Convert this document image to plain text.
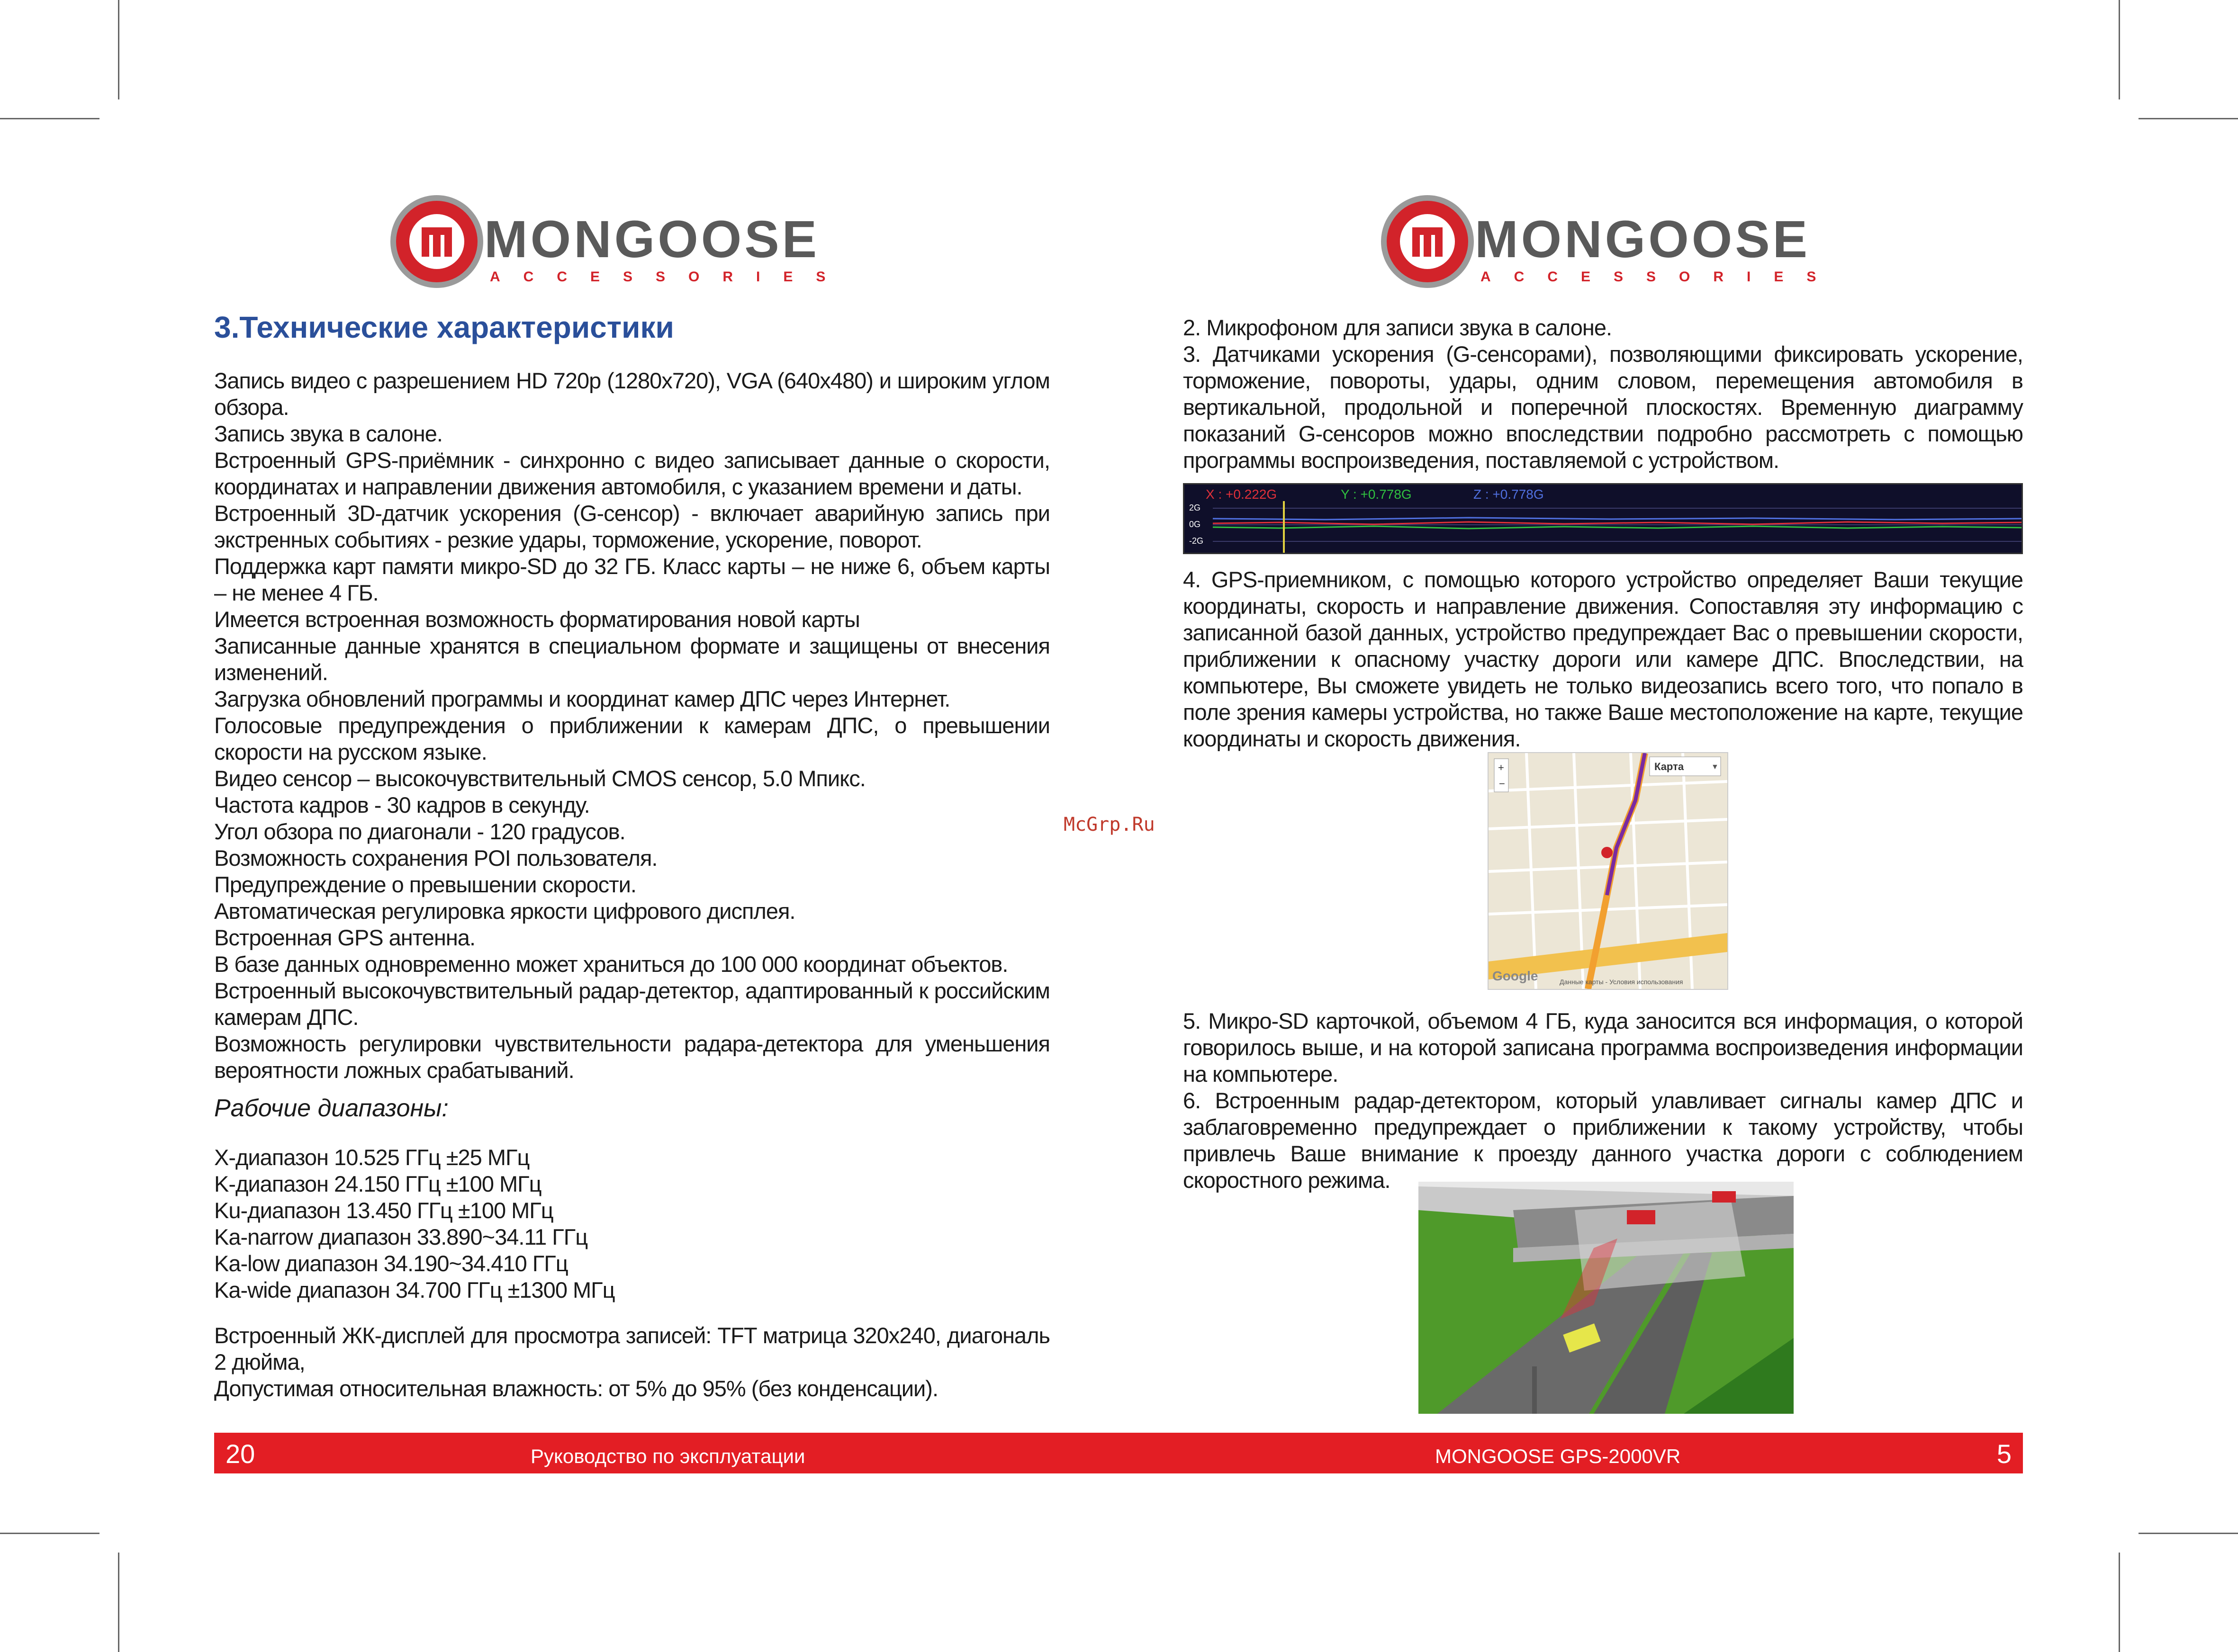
MONGOOSE
ACCESSORIES
3.Технические характеристики

Запись видео с разрешением HD 720p (1280x720), VGA (640x480) и широким углом обзора.

Запись звука в салоне.

Встроенный GPS-приёмник - синхронно с видео записывает данные о скорости, координатах и направлении движения автомобиля, с указанием времени и даты.

Встроенный 3D-датчик ускорения (G-сенсор) - включает аварийную запись при экстренных событиях - резкие удары, торможение, ускорение, поворот.

Поддержка карт памяти микро-SD до 32 ГБ. Класс карты – не ниже 6, объем карты – не менее 4 ГБ.

Имеется встроенная возможность форматирования новой карты

Записанные данные хранятся в специальном формате и защищены от внесения изменений.

Загрузка обновлений программы и координат камер ДПС через Интернет.

Голосовые предупреждения о приближении к камерам ДПС, о превышении скорости на русском языке.

Видео сенсор – высокочувствительный CMOS сенсор, 5.0 Мпикс.

Частота кадров - 30 кадров в секунду.

Угол обзора по диагонали - 120 градусов.

Возможность сохранения POI пользователя.

Предупреждение о превышении скорости.

Автоматическая регулировка яркости цифрового дисплея.

Встроенная GPS антенна.

В базе данных одновременно может храниться до 100 000 координат объектов.

Встроенный высокочувствительный радар-детектор, адаптированный к российским камерам ДПС.

Возможность регулировки чувствительности радара-детектора для уменьшения вероятности ложных срабатываний.

Рабочие диапазоны:

X-диапазон 10.525 ГГц ±25 МГц

K-диапазон 24.150 ГГц ±100 МГц

Ku-диапазон 13.450 ГГц ±100 МГц

Ka-narrow диапазон 33.890~34.11 ГГц

Ka-low диапазон 34.190~34.410 ГГц

Ka-wide диапазон 34.700 ГГц ±1300 МГц

Встроенный ЖК-дисплей для просмотра записей: TFT матрица 320x240, диагональ 2 дюйма,

Допустимая относительная влажность: от 5% до 95% (без конденсации).

MONGOOSE
ACCESSORIES

2. Микрофоном для записи звука в салоне.

3. Датчиками ускорения (G-сенсорами), позволяющими фиксировать ускорение, торможение, повороты, удары, одним словом, перемещения автомобиля в вертикальной, продольной и поперечной плоскостях. Временную диаграмму показаний G-сенсоров можно впоследствии подробно рассмотреть с помощью программы воспроизведения, поставляемой с устройством.

2G
0G
-2G
X : +0.222G	Y : +0.778G	Z : +0.778G

4. GPS-приемником, с помощью которого устройство определяет Ваши текущие координаты, скорость и направление движения. Сопоставляя эту информацию с записанной базой данных, устройство предупреждает Вас о превышении скорости, приближении к опасному участку дороги или камере ДПС. Впоследствии, на компьютере, Вы сможете увидеть не только видеозапись всего того, что попало в поле зрения камеры устройства, но также Ваше местоположение на карте, текущие координаты и скорость движения.

+
−
Карта	▼
Google	Данные карты - Условия использования

5. Микро-SD карточкой, объемом 4 ГБ, куда заносится вся информация, о которой говорилось выше, и на которой записана программа воспроизведения информации на компьютере.

6. Встроенным радар-детектором, который улавливает сигналы камер ДПС и заблаговременно предупреждает о приближении к такому устройству, чтобы привлечь Ваше внимание к проезду данного участка дороги с соблюдением скоростного режима.

20	Руководство по эксплуатации	MONGOOSE GPS-2000VR	5
McGrp.Ru
